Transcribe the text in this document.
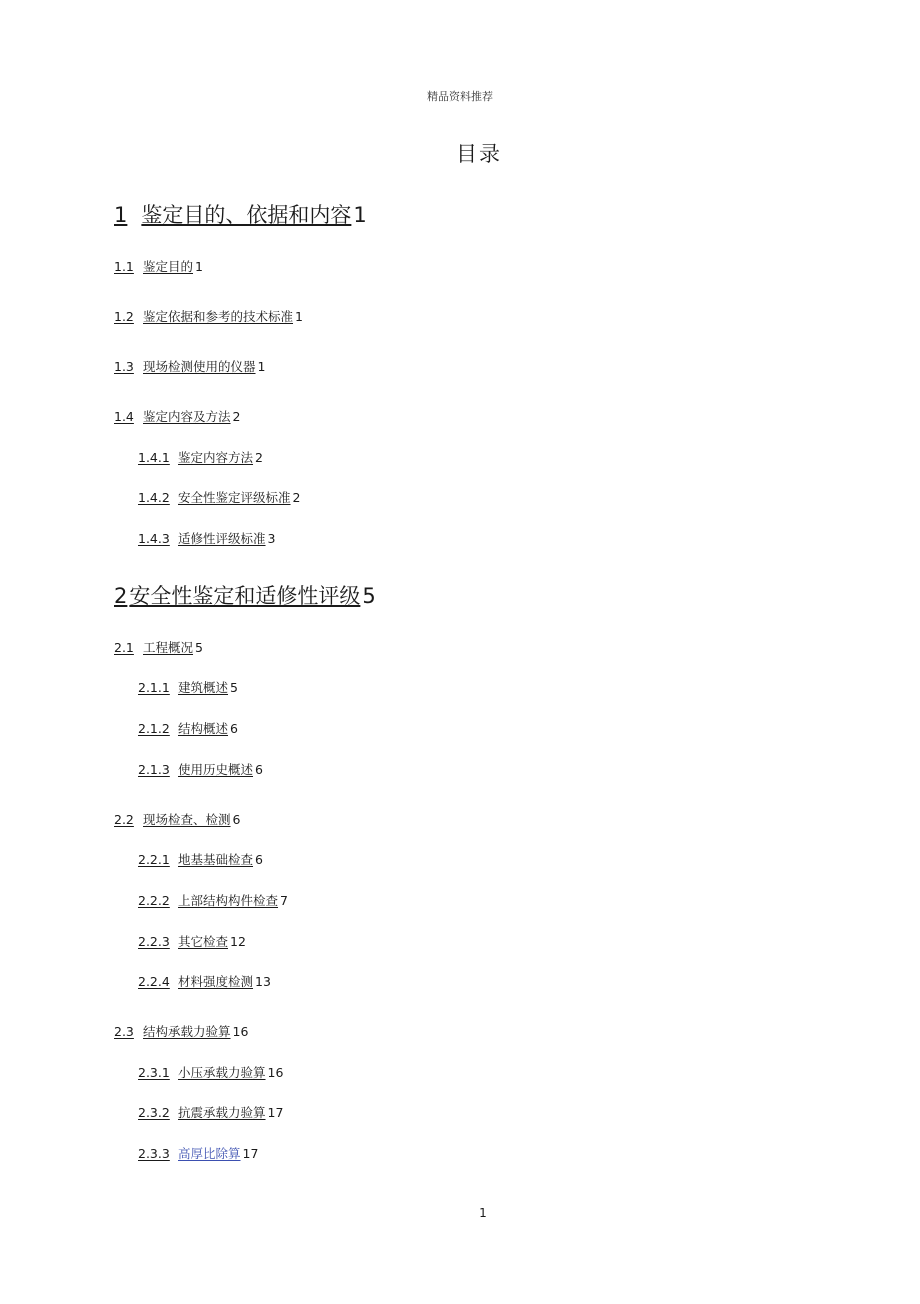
精品资料推荐
目录
1 鉴定目的、依据和内容1
1.1 鉴定目的 1
1.2 鉴定依据和参考的技术标准 1
1.3 现场检测使用的仪器 1
1.4 鉴定内容及方法 2
1.4.1 鉴定内容方法 2
1.4.2 安全性鉴定评级标准 2
1.4.3 适修性评级标准 3
2安全性鉴定和适修性评级5
2.1 工程概况 5
2.1.1 建筑概述 5
2.1.2 结构概述 6
2.1.3 使用历史概述 6
2.2 现场检查、检测 6
2.2.1 地基基础检查 6
2.2.2 上部结构构件检查 7
2.2.3 其它检查 12
2.2.4 材料强度检测 13
2.3 结构承载力验算 16
2.3.1 小压承载力验算 16
2.3.2 抗震承载力验算 17
2.3.3 高厚比除算 17
1
